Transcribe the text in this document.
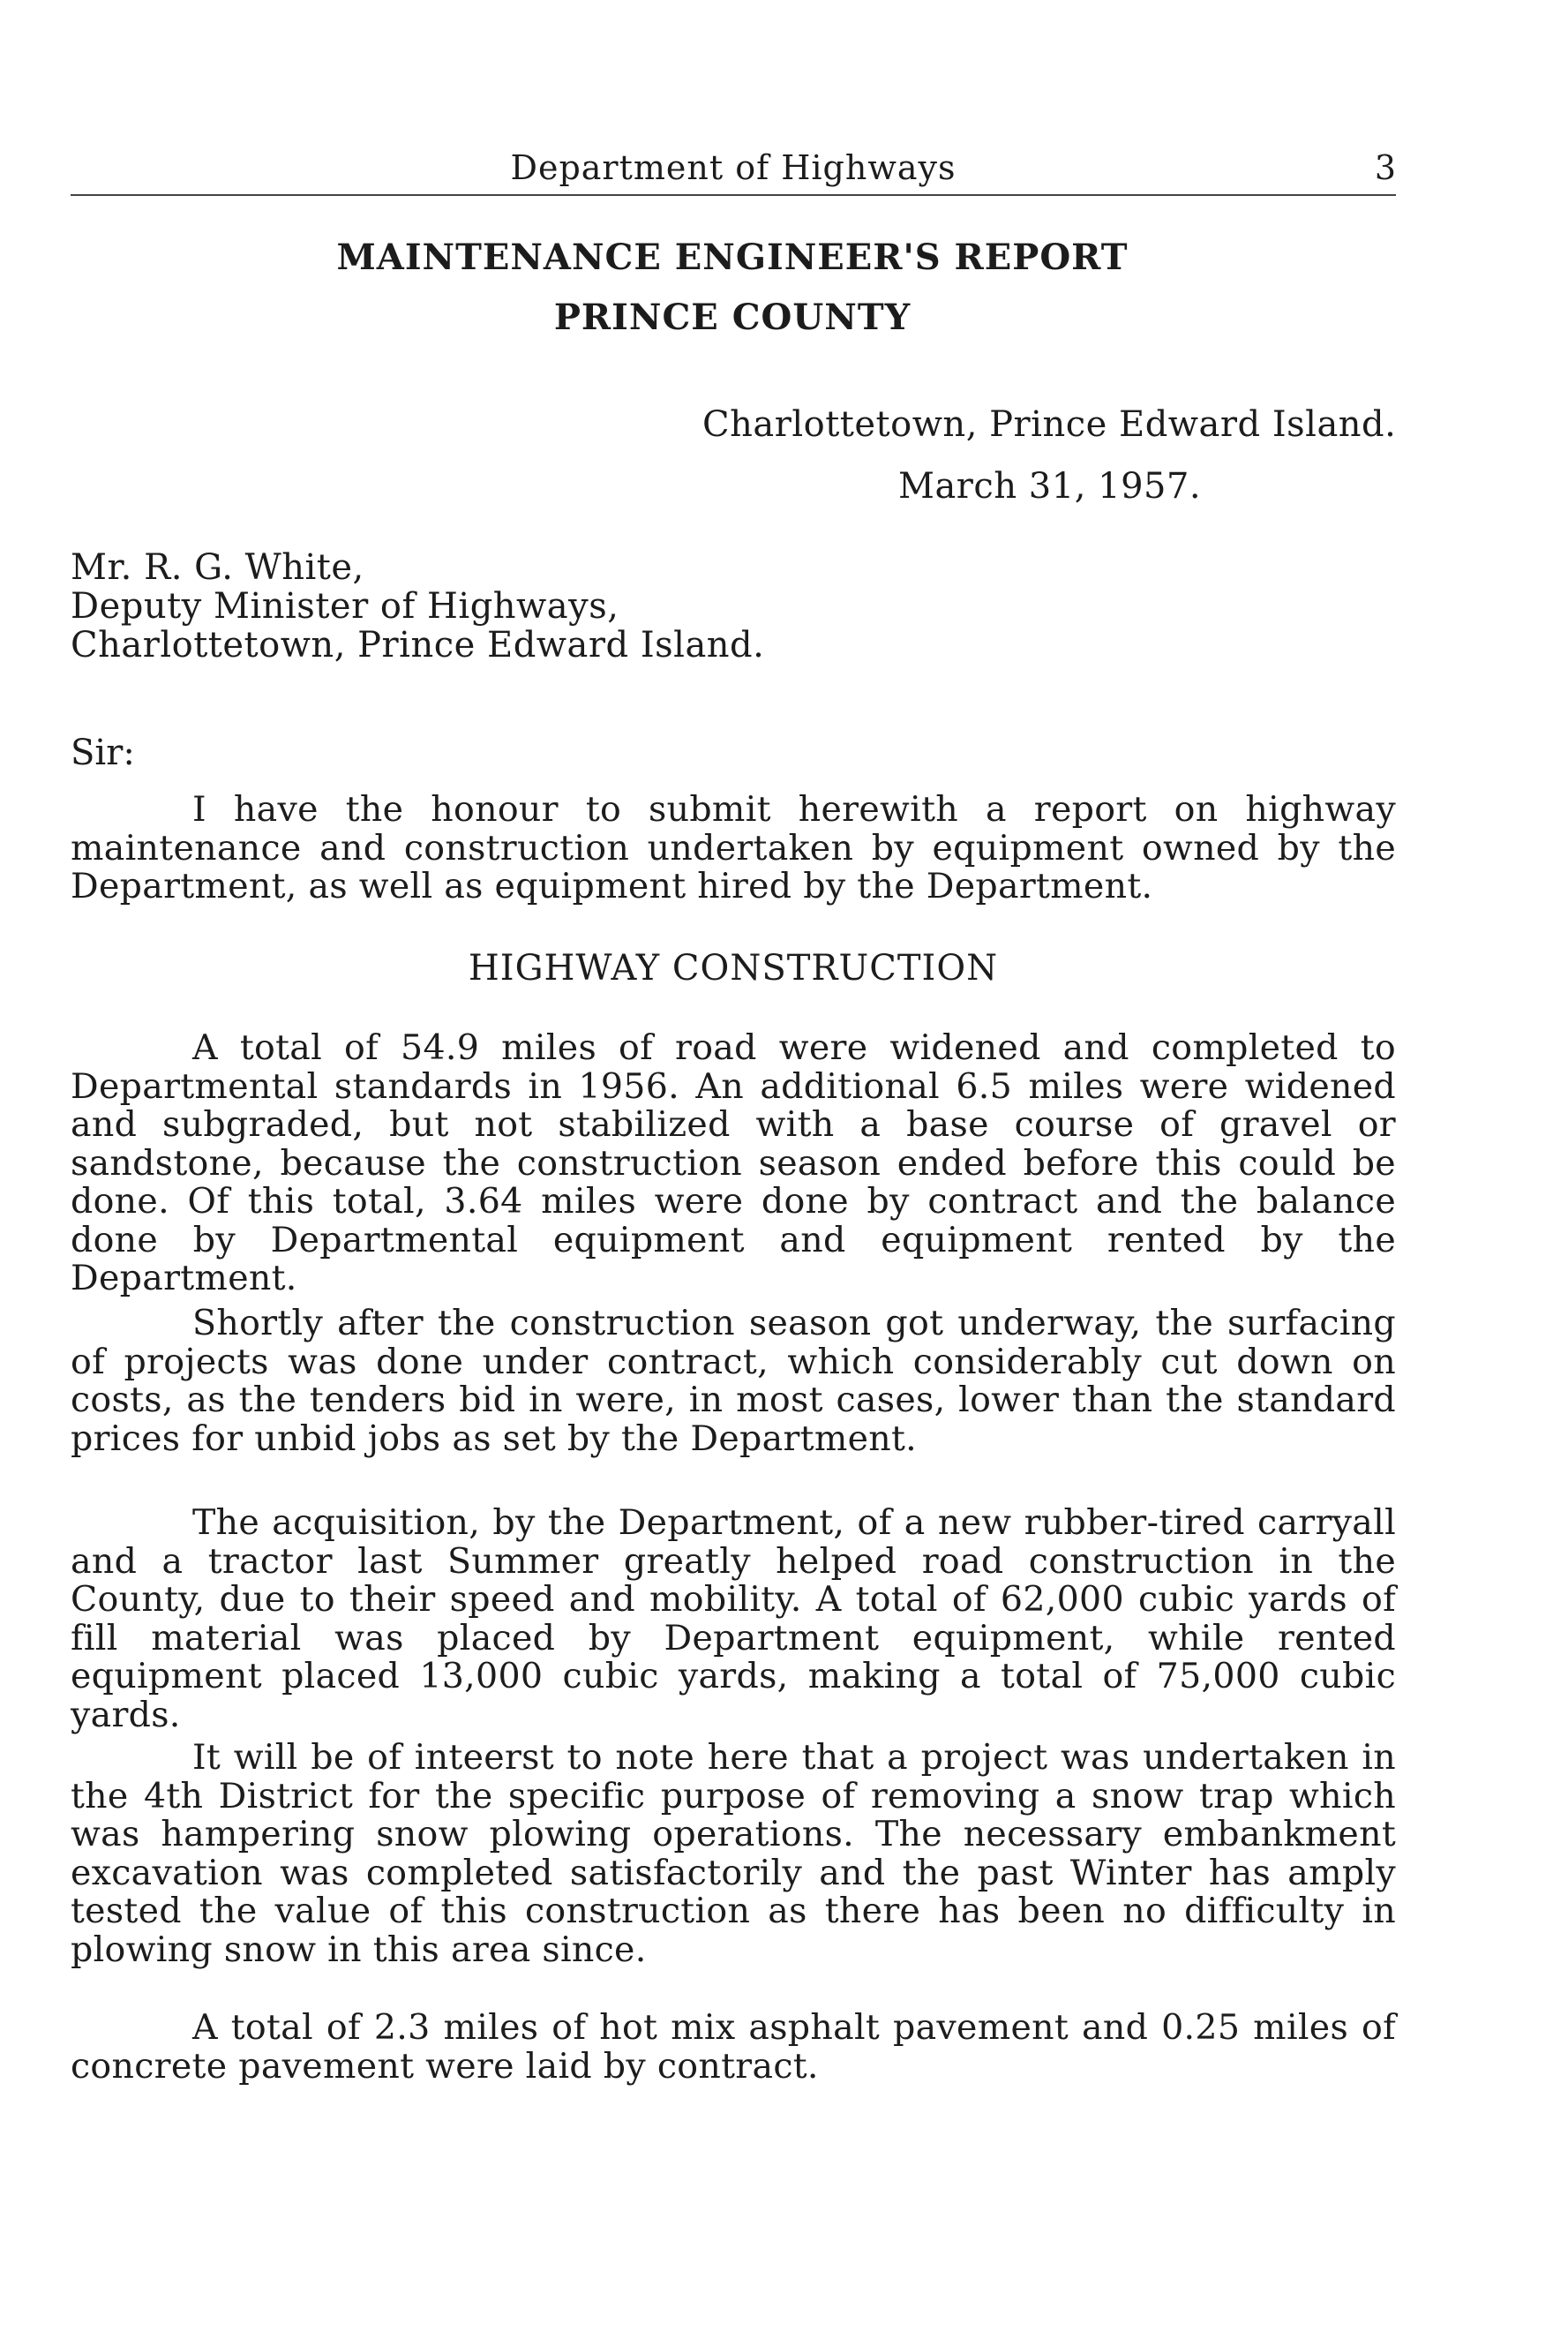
Department of Highways	3
MAINTENANCE ENGINEER'S REPORT
PRINCE COUNTY
Charlottetown, Prince Edward Island.
March 31, 1957.
Mr. R. G. White,
Deputy Minister of Highways,
Charlottetown, Prince Edward Island.
Sir:
I have the honour to submit herewith a report on highway maintenance and construction undertaken by equipment owned by the Department, as well as equipment hired by the Department.
HIGHWAY CONSTRUCTION
A total of 54.9 miles of road were widened and completed to Departmental standards in 1956. An additional 6.5 miles were widened and subgraded, but not stabilized with a base course of gravel or sandstone, because the construction season ended before this could be done. Of this total, 3.64 miles were done by contract and the balance done by Departmental equipment and equipment rented by the Department.
Shortly after the construction season got underway, the surfacing of projects was done under contract, which considerably cut down on costs, as the tenders bid in were, in most cases, lower than the standard prices for unbid jobs as set by the Department.
The acquisition, by the Department, of a new rubber-tired carryall and a tractor last Summer greatly helped road construction in the County, due to their speed and mobility. A total of 62,000 cubic yards of fill material was placed by Department equipment, while rented equipment placed 13,000 cubic yards, making a total of 75,000 cubic yards.
It will be of inteerst to note here that a project was undertaken in the 4th District for the specific purpose of removing a snow trap which was hampering snow plowing operations. The necessary embankment excavation was completed satisfactorily and the past Winter has amply tested the value of this construction as there has been no difficulty in plowing snow in this area since.
A total of 2.3 miles of hot mix asphalt pavement and 0.25 miles of concrete pavement were laid by contract.
